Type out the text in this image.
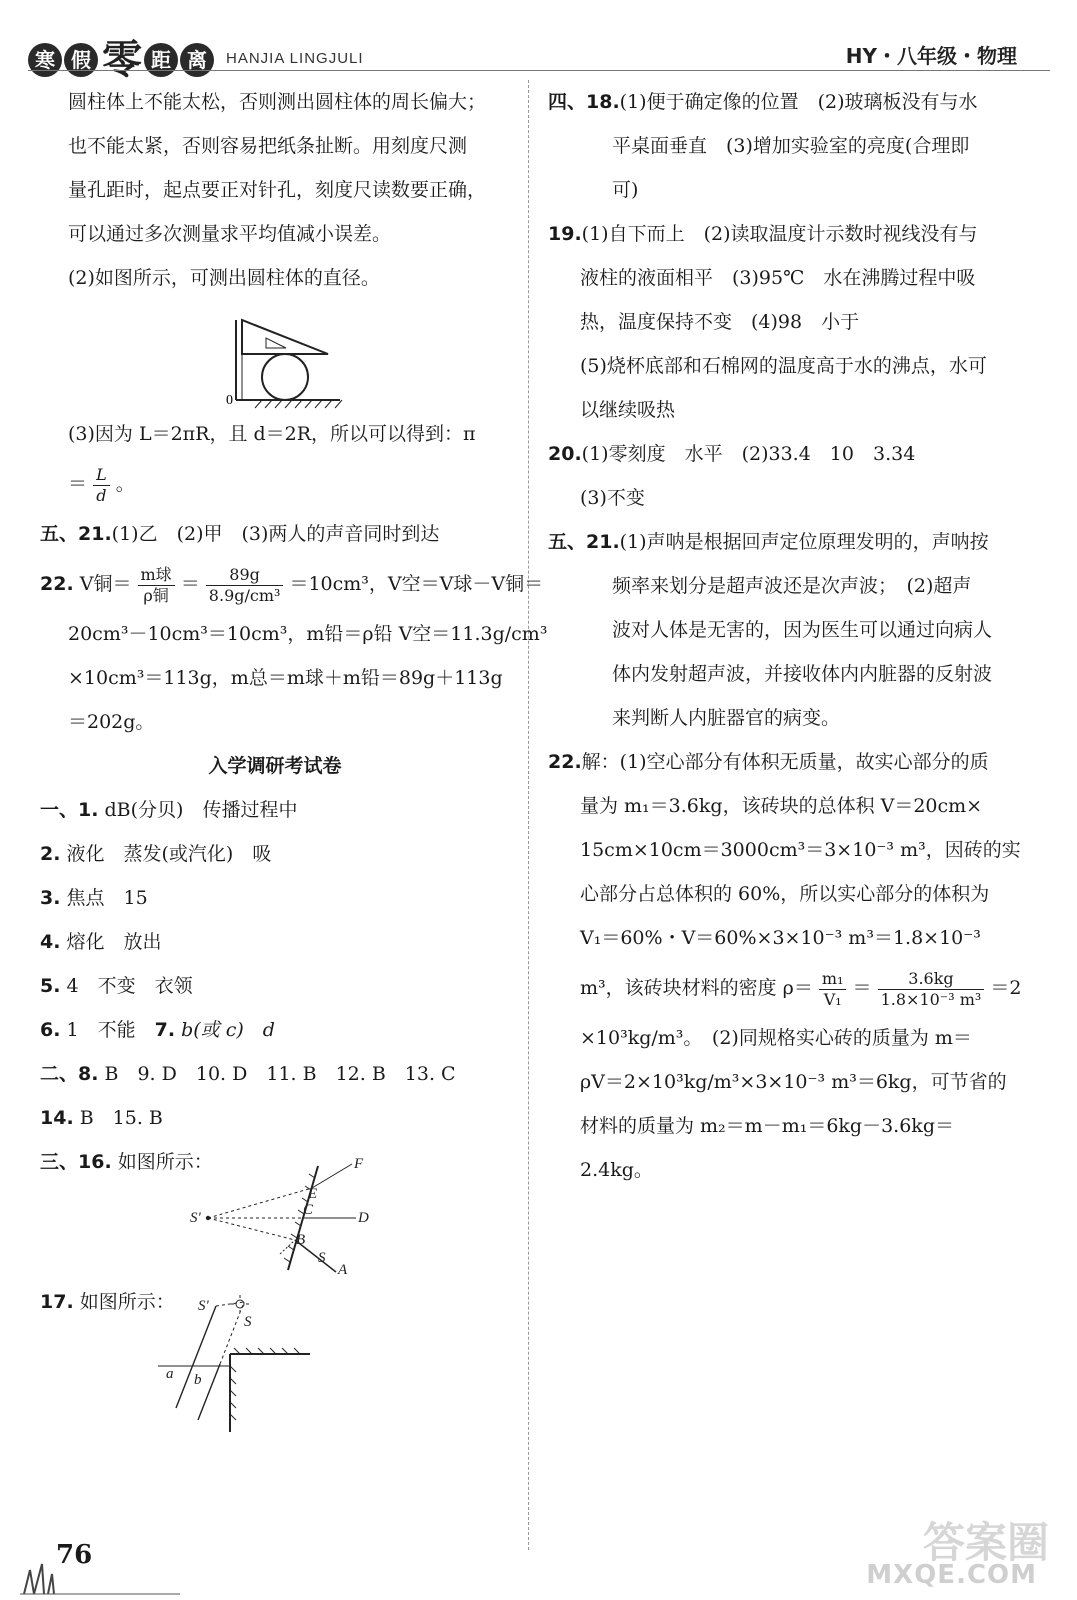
寒 假 零 距 离 HANJIA LINGJULI	HY・八年级・物理
圆柱体上不能太松，否则测出圆柱体的周长偏大；
也不能太紧，否则容易把纸条扯断。用刻度尺测
量孔距时，起点要正对针孔，刻度尺读数要正确，
可以通过多次测量求平均值减小误差。
(2)如图所示，可测出圆柱体的直径。
0
(3)因为 L＝2πR，且 d＝2R，所以可以得到：π
＝ $\frac{L}{d}$ 。
五、21.(1)乙　(2)甲　(3)两人的声音同时到达
22. V铜＝ $\frac{\text{m球}}{\text{ρ铜}} = \frac{89g}{\text{8.9g/cm³}} =10cm^3$，V空＝V球－V铜＝
20cm³－10cm³＝10cm³，m铅＝ρ铅 V空＝11.3g/cm³
×10cm³＝113g，m总＝m球＋m铅＝89g＋113g
＝202g。
入学调研考试卷
一、1. dB(分贝)　传播过程中
2. 液化　蒸发(或汽化)　吸
3. 焦点　15
4. 熔化　放出
5. 4　不变　衣领
6. 1　不能　7. b(或 c)　d
二、8. B　9. D　10. D　11. B　12. B　13. C
14. B　15. B
三、16. 如图所示：	F
E
S'	C	D
B
S
A
17. 如图所示：	S'
S
a b
四、18.(1)便于确定像的位置　(2)玻璃板没有与水
平桌面垂直　(3)增加实验室的亮度(合理即
可)
19.(1)自下而上　(2)读取温度计示数时视线没有与
液柱的液面相平　(3)95℃　水在沸腾过程中吸
热，温度保持不变　(4)98　小于
(5)烧杯底部和石棉网的温度高于水的沸点，水可
以继续吸热
20.(1)零刻度　水平　(2)33.4　10　3.34
(3)不变
五、21.(1)声呐是根据回声定位原理发明的，声呐按
频率来划分是超声波还是次声波；　(2)超声
波对人体是无害的，因为医生可以通过向病人
体内发射超声波，并接收体内内脏器的反射波
来判断人内脏器官的病变。
22.解：(1)空心部分有体积无质量，故实心部分的质
量为 m₁＝3.6kg，该砖块的总体积 V＝20cm×
15cm×10cm＝3000cm³＝3×10⁻³ m³，因砖的实
心部分占总体积的 60%，所以实心部分的体积为
V₁＝60%・V＝60%×3×10⁻³ m³＝1.8×10⁻³
m³，该砖块材料的密度 $\rho= \frac{\text{m₁}}{\text{V₁}} = \frac{3.6kg}{\text{1.8×10⁻³ m³}} =2$
×10³kg/m³。　(2)同规格实心砖的质量为 m＝
ρV＝2×10³kg/m³×3×10⁻³ m³＝6kg，可节省的
材料的质量为 m₂＝m－m₁＝6kg－3.6kg＝
2.4kg。
76	答案圈
MXQE.COM
